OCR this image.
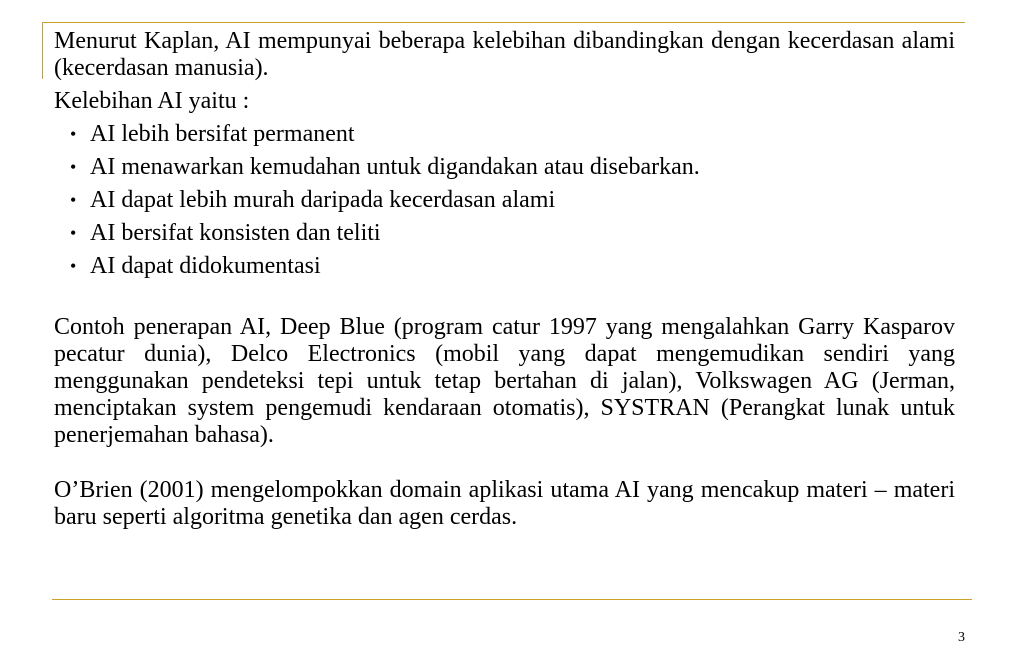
Menurut Kaplan, AI mempunyai beberapa kelebihan dibandingkan dengan kecerdasan alami (kecerdasan manusia).

Kelebihan AI yaitu :

• AI lebih bersifat permanent
• AI menawarkan kemudahan untuk digandakan atau disebarkan.
• AI dapat lebih murah daripada kecerdasan alami
• AI bersifat konsisten dan teliti
• AI dapat didokumentasi

Contoh penerapan AI, Deep Blue (program catur 1997 yang mengalahkan Garry Kasparov pecatur dunia), Delco Electronics (mobil yang dapat mengemudikan sendiri yang menggunakan pendeteksi tepi untuk tetap bertahan di jalan), Volkswagen AG (Jerman, menciptakan system pengemudi kendaraan otomatis), SYSTRAN (Perangkat lunak untuk penerjemahan bahasa).

O’Brien (2001) mengelompokkan domain aplikasi utama AI yang mencakup materi – materi baru seperti algoritma genetika dan agen cerdas.

3
